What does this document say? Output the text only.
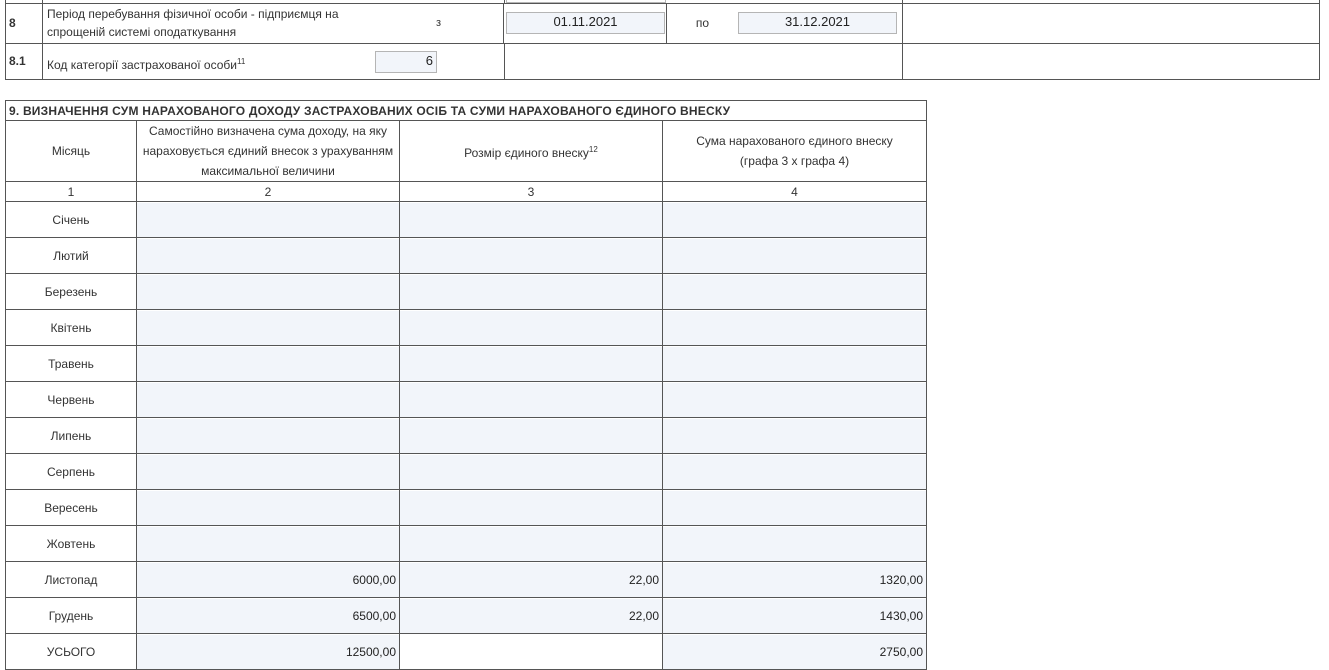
8
Період перебування фізичної особи - підприємця на спрощеній системі оподаткування
з	01.11.2021	по	31.12.2021
8.1	Код категорії застрахованої особи$^{11}$	6
9. ВИЗНАЧЕННЯ СУМ НАРАХОВАНОГО ДОХОДУ ЗАСТРАХОВАНИХ ОСІБ ТА СУМИ НАРАХОВАНОГО ЄДИНОГО ВНЕСКУ			
Місяць	Самостійно визначена сума доходу, на яку нараховується єдиний внесок з урахуванням максимальної величини	Розмір єдиного внеску$^{12}$	Сума нарахованого єдиного внеску
(графа 3 х графа 4)

1	2	3	4
Січень	

Лютий	

Березень	

Квітень	

Травень	

Червень	

Липень	

Серпень	

Вересень	

Жовтень	

Листопад	6000,00	22,00	1320,00

Грудень	6500,00	22,00	1430,00

УСЬОГО	12500,00		2750,00
